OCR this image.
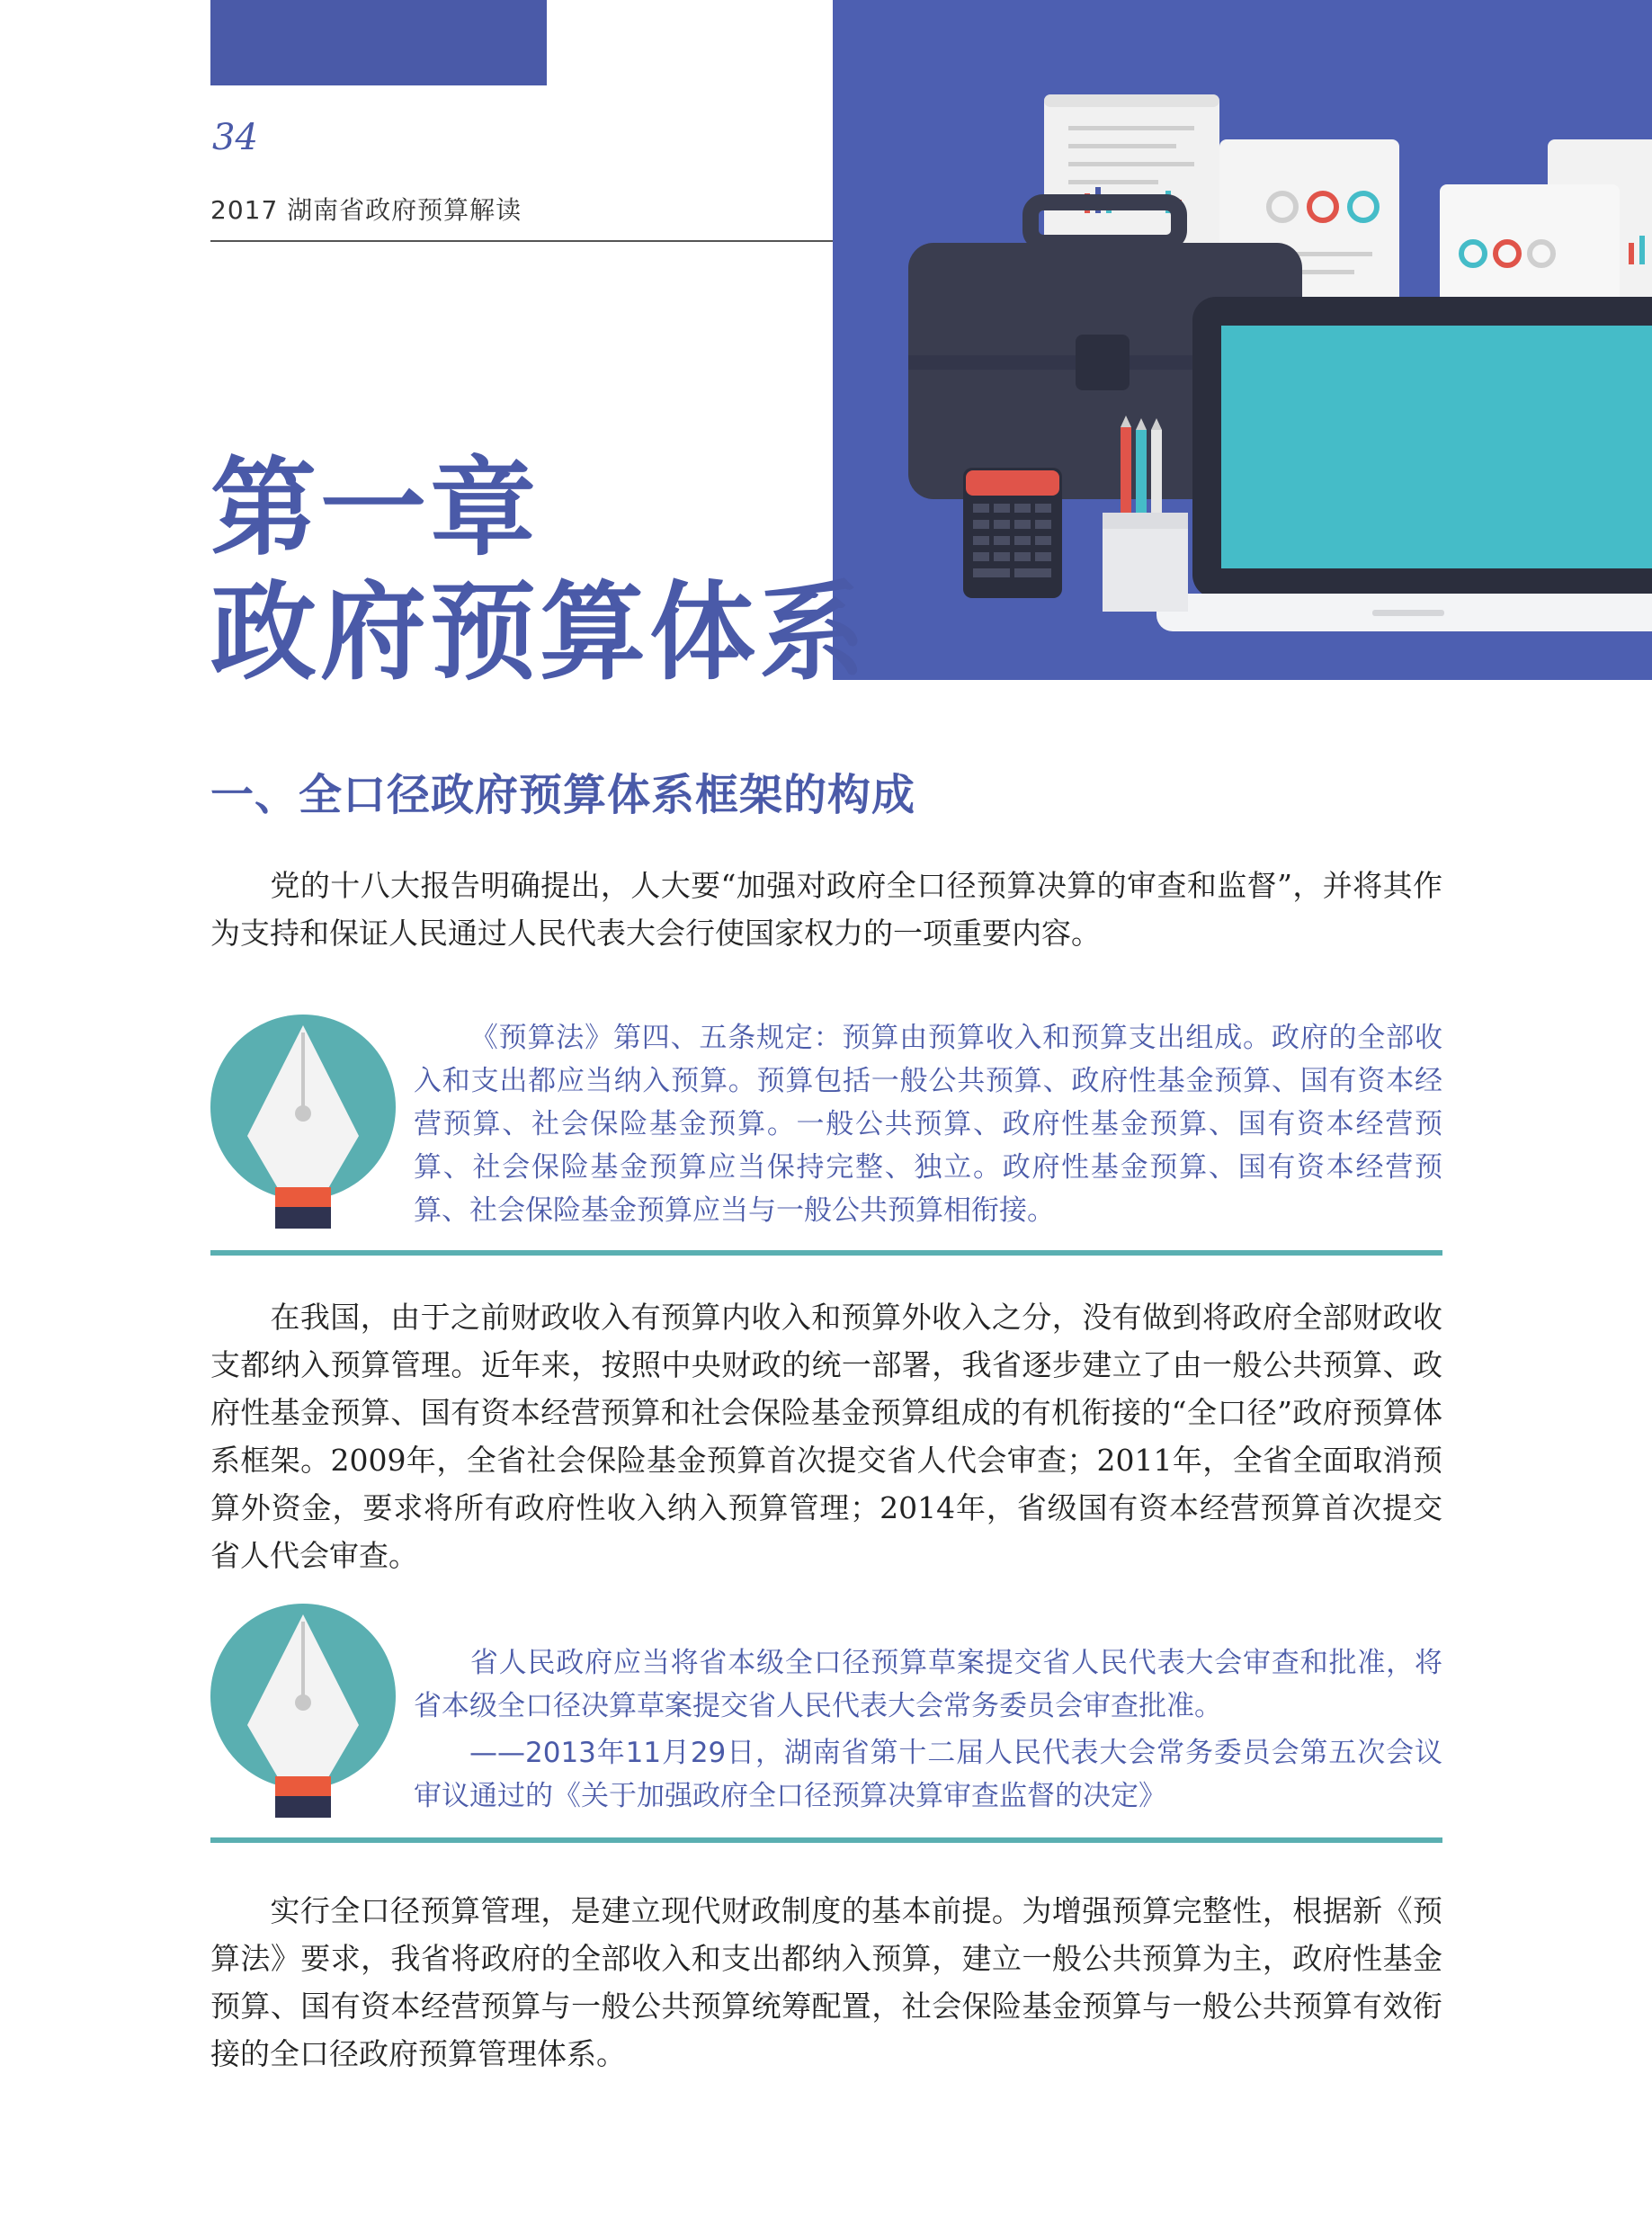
34
2017 湖南省政府预算解读
第一章
政府预算体系
一、全口径政府预算体系框架的构成
党的十八大报告明确提出，人大要“加强对政府全口径预算决算的审查和监督”，并将其作为支持和保证人民通过人民代表大会行使国家权力的一项重要内容。
《预算法》第四、五条规定：预算由预算收入和预算支出组成。政府的全部收入和支出都应当纳入预算。预算包括一般公共预算、政府性基金预算、国有资本经营预算、社会保险基金预算。一般公共预算、政府性基金预算、国有资本经营预算、社会保险基金预算应当保持完整、独立。政府性基金预算、国有资本经营预算、社会保险基金预算应当与一般公共预算相衔接。
在我国，由于之前财政收入有预算内收入和预算外收入之分，没有做到将政府全部财政收支都纳入预算管理。近年来，按照中央财政的统一部署，我省逐步建立了由一般公共预算、政府性基金预算、国有资本经营预算和社会保险基金预算组成的有机衔接的“全口径”政府预算体系框架。2009年，全省社会保险基金预算首次提交省人代会审查；2011年，全省全面取消预算外资金，要求将所有政府性收入纳入预算管理；2014年，省级国有资本经营预算首次提交省人代会审查。
省人民政府应当将省本级全口径预算草案提交省人民代表大会审查和批准，将省本级全口径决算草案提交省人民代表大会常务委员会审查批准。
——2013年11月29日，湖南省第十二届人民代表大会常务委员会第五次会议审议通过的《关于加强政府全口径预算决算审查监督的决定》
实行全口径预算管理，是建立现代财政制度的基本前提。为增强预算完整性，根据新《预算法》要求，我省将政府的全部收入和支出都纳入预算，建立一般公共预算为主，政府性基金预算、国有资本经营预算与一般公共预算统筹配置，社会保险基金预算与一般公共预算有效衔接的全口径政府预算管理体系。
